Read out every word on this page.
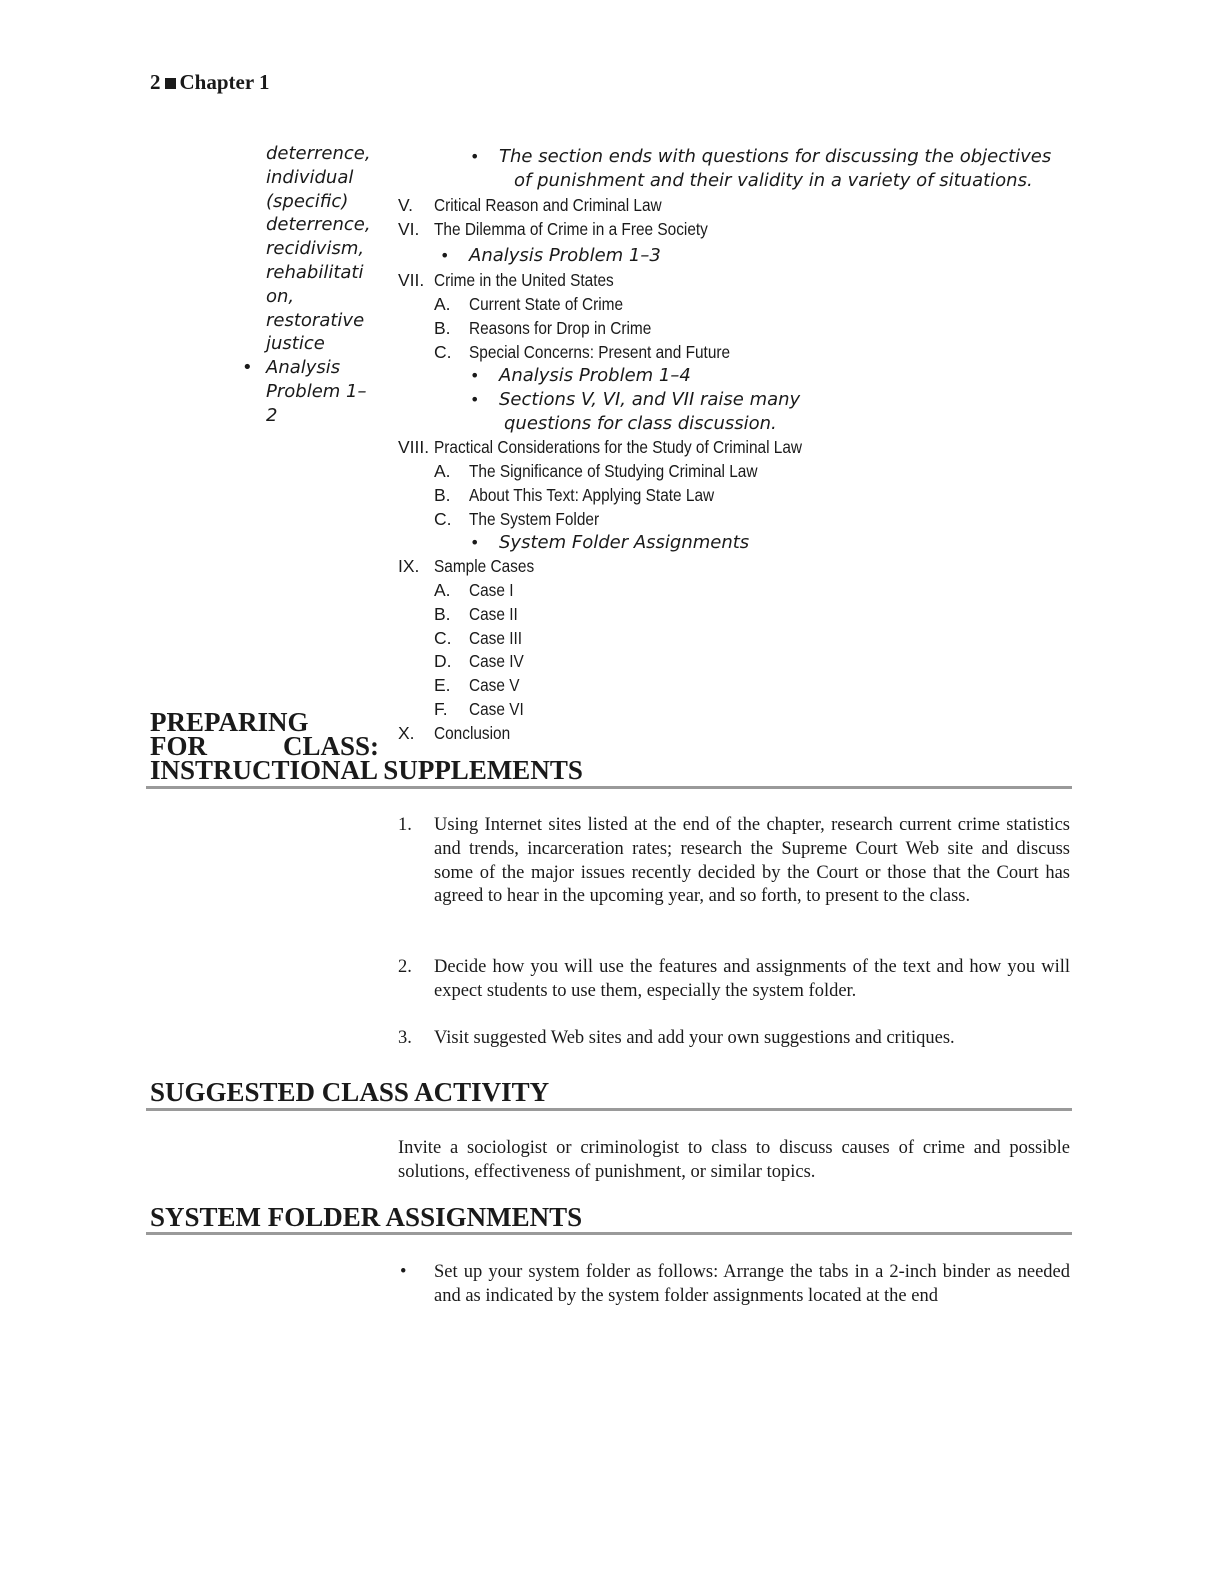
2 Chapter 1
deterrence,
individual
(specific)
deterrence,
recidivism,
rehabilitati
on,
restorative
justice
• Analysis
Problem 1–
2
• The section ends with questions for discussing the objectives
of punishment and their validity in a variety of situations.
V. Critical Reason and Criminal Law
VI. The Dilemma of Crime in a Free Society
• Analysis Problem 1–3
VII. Crime in the United States
A. Current State of Crime
B. Reasons for Drop in Crime
C. Special Concerns: Present and Future
• Analysis Problem 1–4
• Sections V, VI, and VII raise many
questions for class discussion.
VIII. Practical Considerations for the Study of Criminal Law
A. The Significance of Studying Criminal Law
B. About This Text: Applying State Law
C. The System Folder
• System Folder Assignments
IX. Sample Cases
A. Case I
B. Case II
C. Case III
D. Case IV
E. Case V
F. Case VI
X. Conclusion
PREPARING
FOR	CLASS:
INSTRUCTIONAL SUPPLEMENTS
1. Using Internet sites listed at the end of the chapter, research current crime statistics and trends, incarceration rates; research the Supreme Court Web site and discuss some of the major issues recently decided by the Court or those that the Court has agreed to hear in the upcoming year, and so forth, to present to the class.
2. Decide how you will use the features and assignments of the text and how you will expect students to use them, especially the system folder.
3. Visit suggested Web sites and add your own suggestions and critiques.
SUGGESTED CLASS ACTIVITY
Invite a sociologist or criminologist to class to discuss causes of crime and possible solutions, effectiveness of punishment, or similar topics.
SYSTEM FOLDER ASSIGNMENTS
• Set up your system folder as follows: Arrange the tabs in a 2-inch binder as needed and as indicated by the system folder assignments located at the end
